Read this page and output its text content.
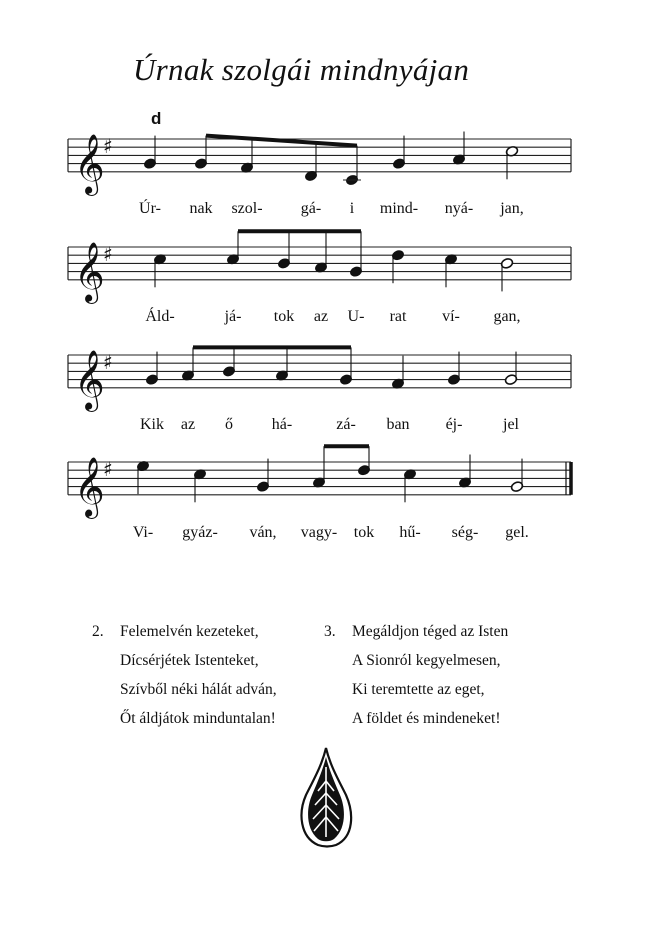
Úrnak szolgái mindnyájan
d
𝄞
♯
𝄞
♯
𝄞
♯
𝄞
♯
Úr- nak szol- gá- i mind- nyá- jan,
Áld-	já- tok az U- rat ví- gan,
Kik az ő há-	zá- ban éj-	jel
Vi- gyáz- ván, vagy- tok hű- ség- gel.
2. Felemelvén kezeteket,
Dícsérjétek Istenteket,
Szívből néki hálát adván,
Őt áldjátok minduntalan!
3. Megáldjon téged az Isten
A Sionról kegyelmesen,
Ki teremtette az eget,
A földet és mindeneket!
